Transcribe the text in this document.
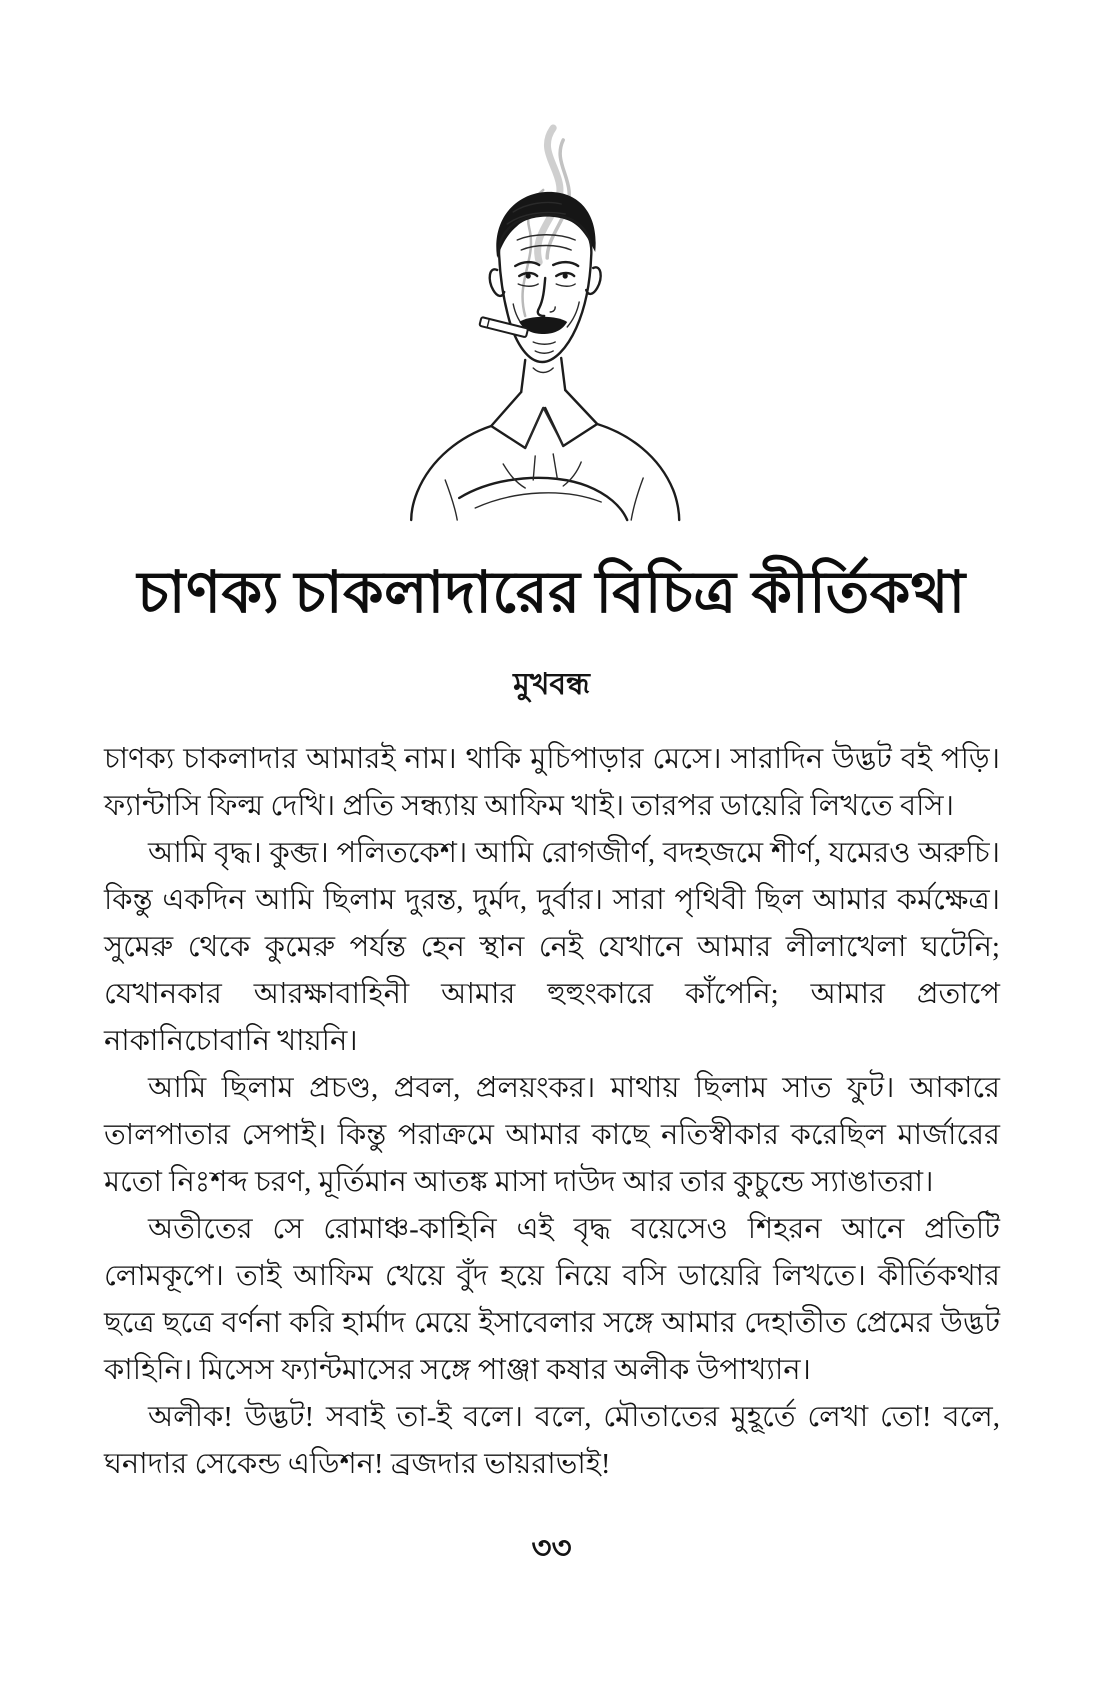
চাণক্য চাকলাদারের বিচিত্র কীর্তিকথা
মুখবন্ধ

চাণক্য চাকলাদার আমারই নাম। থাকি মুচিপাড়ার মেসে। সারাদিন উদ্ভট বই পড়ি। ফ্যান্টাসি ফিল্ম দেখি। প্রতি সন্ধ্যায় আফিম খাই। তারপর ডায়েরি লিখতে বসি।

আমি বৃদ্ধ। কুব্জ। পলিতকেশ। আমি রোগজীর্ণ, বদহজমে শীর্ণ, যমেরও অরুচি। কিন্তু একদিন আমি ছিলাম দুরন্ত, দুর্মদ, দুর্বার। সারা পৃথিবী ছিল আমার কর্মক্ষেত্র। সুমেরু থেকে কুমেরু পর্যন্ত হেন স্থান নেই যেখানে আমার লীলাখেলা ঘটেনি; যেখানকার আরক্ষাবাহিনী আমার হুহুংকারে কাঁপেনি; আমার প্রতাপে নাকানিচোবানি খায়নি।

আমি ছিলাম প্রচণ্ড, প্রবল, প্রলয়ংকর। মাথায় ছিলাম সাত ফুট। আকারে তালপাতার সেপাই। কিন্তু পরাক্রমে আমার কাছে নতিস্বীকার করেছিল মার্জারের মতো নিঃশব্দ চরণ, মূর্তিমান আতঙ্ক মাসা দাউদ আর তার কুচুন্ডে স্যাঙাতরা।

অতীতের সে রোমাঞ্চ-কাহিনি এই বৃদ্ধ বয়েসেও শিহরন আনে প্রতিটি লোমকূপে। তাই আফিম খেয়ে বুঁদ হয়ে নিয়ে বসি ডায়েরি লিখতে। কীর্তিকথার ছত্রে ছত্রে বর্ণনা করি হার্মাদ মেয়ে ইসাবেলার সঙ্গে আমার দেহাতীত প্রেমের উদ্ভট কাহিনি। মিসেস ফ্যান্টমাসের সঙ্গে পাঞ্জা কষার অলীক উপাখ্যান।

অলীক! উদ্ভট! সবাই তা-ই বলে। বলে, মৌতাতের মুহূর্তে লেখা তো! বলে, ঘনাদার সেকেন্ড এডিশন! ব্রজদার ভায়রাভাই!

৩৩
